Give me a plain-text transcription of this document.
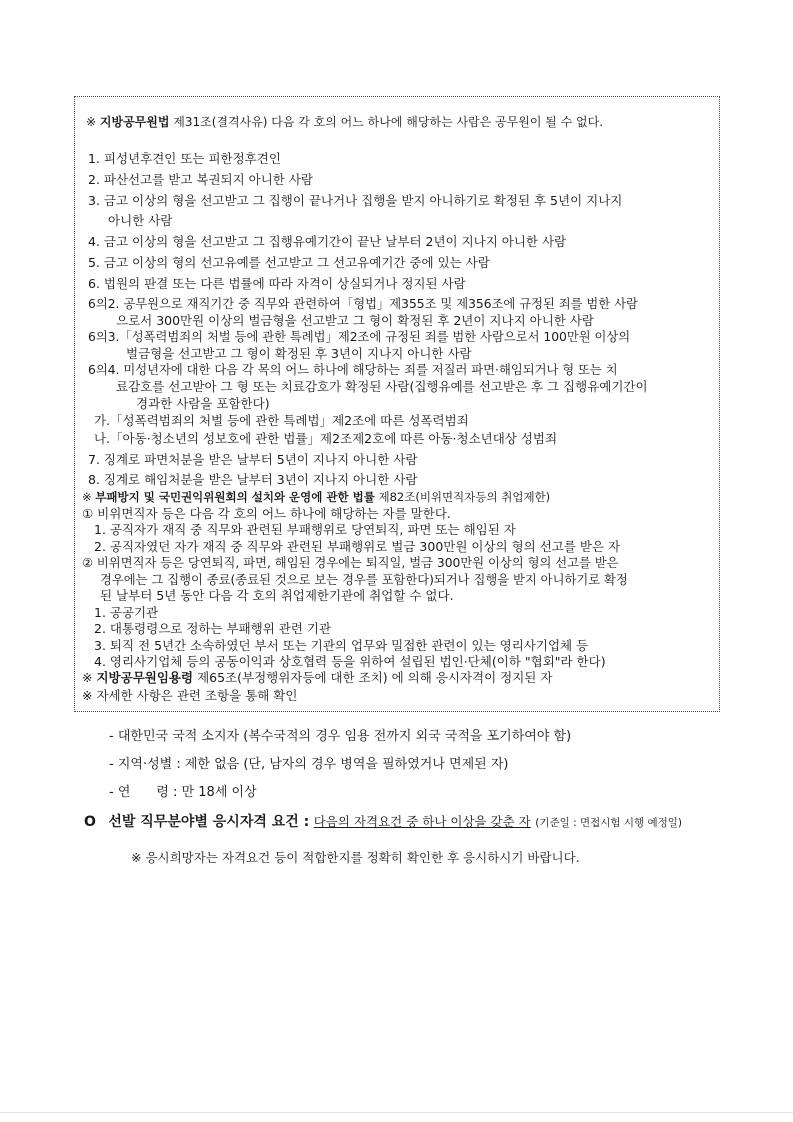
※ 지방공무원법 제31조(결격사유) 다음 각 호의 어느 하나에 해당하는 사람은 공무원이 될 수 없다.
1. 피성년후견인 또는 피한정후견인
2. 파산선고를 받고 복권되지 아니한 사람
3. 금고 이상의 형을 선고받고 그 집행이 끝나거나 집행을 받지 아니하기로 확정된 후 5년이 지나지
아니한 사람
4. 금고 이상의 형을 선고받고 그 집행유예기간이 끝난 날부터 2년이 지나지 아니한 사람
5. 금고 이상의 형의 선고유예를 선고받고 그 선고유예기간 중에 있는 사람
6. 법원의 판결 또는 다른 법률에 따라 자격이 상실되거나 정지된 사람
6의2. 공무원으로 재직기간 중 직무와 관련하여「형법」제355조 및 제356조에 규정된 죄를 범한 사람
으로서 300만원 이상의 벌금형을 선고받고 그 형이 확정된 후 2년이 지나지 아니한 사람
6의3.「성폭력범죄의 처벌 등에 관한 특례법」제2조에 규정된 죄를 범한 사람으로서 100만원 이상의
벌금형을 선고받고 그 형이 확정된 후 3년이 지나지 아니한 사람
6의4. 미성년자에 대한 다음 각 목의 어느 하나에 해당하는 죄를 저질러 파면·해임되거나 형 또는 치
료감호를 선고받아 그 형 또는 치료감호가 확정된 사람(집행유예를 선고받은 후 그 집행유예기간이
경과한 사람을 포함한다)
가.「성폭력범죄의 처벌 등에 관한 특례법」제2조에 따른 성폭력범죄
나.「아동·청소년의 성보호에 관한 법률」제2조제2호에 따른 아동·청소년대상 성범죄
7. 징계로 파면처분을 받은 날부터 5년이 지나지 아니한 사람
8. 징계로 해임처분을 받은 날부터 3년이 지나지 아니한 사람
※ 부패방지 및 국민권익위원회의 설치와 운영에 관한 법률 제82조(비위면직자등의 취업제한)
① 비위면직자 등은 다음 각 호의 어느 하나에 해당하는 자를 말한다.
1. 공직자가 재직 중 직무와 관련된 부패행위로 당연퇴직, 파면 또는 해임된 자
2. 공직자였던 자가 재직 중 직무와 관련된 부패행위로 벌금 300만원 이상의 형의 선고를 받은 자
② 비위면직자 등은 당연퇴직, 파면, 해임된 경우에는 퇴직일, 벌금 300만원 이상의 형의 선고를 받은
경우에는 그 집행이 종료(종료된 것으로 보는 경우를 포함한다)되거나 집행을 받지 아니하기로 확정
된 날부터 5년 동안 다음 각 호의 취업제한기관에 취업할 수 없다.
1. 공공기관
2. 대통령령으로 정하는 부패행위 관련 기관
3. 퇴직 전 5년간 소속하였던 부서 또는 기관의 업무와 밀접한 관련이 있는 영리사기업체 등
4. 영리사기업체 등의 공동이익과 상호협력 등을 위하여 설립된 법인·단체(이하 "협회"라 한다)
※ 지방공무원임용령 제65조(부정행위자등에 대한 조치) 에 의해 응시자격이 정지된 자
※ 자세한 사항은 관련 조항을 통해 확인
- 대한민국 국적 소지자 (복수국적의 경우 임용 전까지 외국 국적을 포기하여야 함)
- 지역·성별 : 제한 없음 (단, 남자의 경우 병역을 필하였거나 면제된 자)
- 연　　령 : 만 18세 이상
O 선발 직무분야별 응시자격 요건 : 다음의 자격요건 중 하나 이상을 갖춘 자 (기준일 : 면접시험 시행 예정일)
※ 응시희망자는 자격요건 등이 적합한지를 정확히 확인한 후 응시하시기 바랍니다.
